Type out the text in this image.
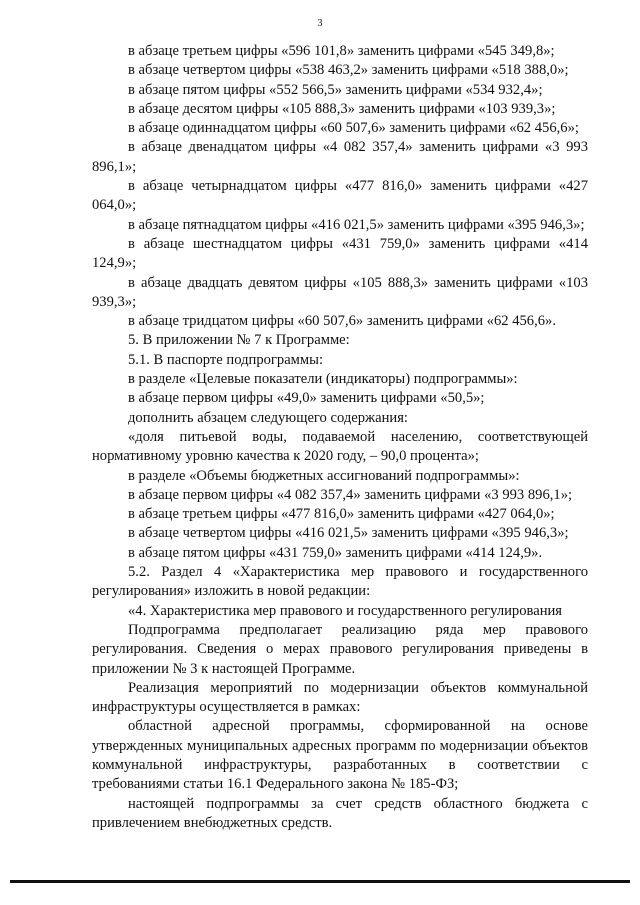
3

в абзаце третьем цифры «596 101,8» заменить цифрами «545 349,8»;

в абзаце четвертом цифры «538 463,2» заменить цифрами «518 388,0»;

в абзаце пятом цифры «552 566,5» заменить цифрами «534 932,4»;

в абзаце десятом цифры «105 888,3» заменить цифрами «103 939,3»;

в абзаце одиннадцатом цифры «60 507,6» заменить цифрами «62 456,6»;

в абзаце двенадцатом цифры «4 082 357,4» заменить цифрами «3 993 896,1»;

в абзаце четырнадцатом цифры «477 816,0» заменить цифрами «427 064,0»;

в абзаце пятнадцатом цифры «416 021,5» заменить цифрами «395 946,3»;

в абзаце шестнадцатом цифры «431 759,0» заменить цифрами «414 124,9»;

в абзаце двадцать девятом цифры «105 888,3» заменить цифрами «103 939,3»;

в абзаце тридцатом цифры «60 507,6» заменить цифрами «62 456,6».

5. В приложении № 7 к Программе:

5.1. В паспорте подпрограммы:

в разделе «Целевые показатели (индикаторы) подпрограммы»:

в абзаце первом цифры «49,0» заменить цифрами «50,5»;

дополнить абзацем следующего содержания:

«доля питьевой воды, подаваемой населению, соответствующей нормативному уровню качества к 2020 году, – 90,0 процента»;

в разделе «Объемы бюджетных ассигнований подпрограммы»:

в абзаце первом цифры «4 082 357,4» заменить цифрами «3 993 896,1»;

в абзаце третьем цифры «477 816,0» заменить цифрами «427 064,0»;

в абзаце четвертом цифры «416 021,5» заменить цифрами «395 946,3»;

в абзаце пятом цифры «431 759,0» заменить цифрами «414 124,9».

5.2. Раздел 4 «Характеристика мер правового и государственного регулирования» изложить в новой редакции:

«4. Характеристика мер правового и государственного регулирования

Подпрограмма предполагает реализацию ряда мер правового регулирования. Сведения о мерах правового регулирования приведены в приложении № 3 к настоящей Программе.

Реализация мероприятий по модернизации объектов коммунальной инфраструктуры осуществляется в рамках:

областной адресной программы, сформированной на основе утвержденных муниципальных адресных программ по модернизации объектов коммунальной инфраструктуры, разработанных в соответствии с требованиями статьи 16.1 Федерального закона № 185-ФЗ;

настоящей подпрограммы за счет средств областного бюджета с привлечением внебюджетных средств.
